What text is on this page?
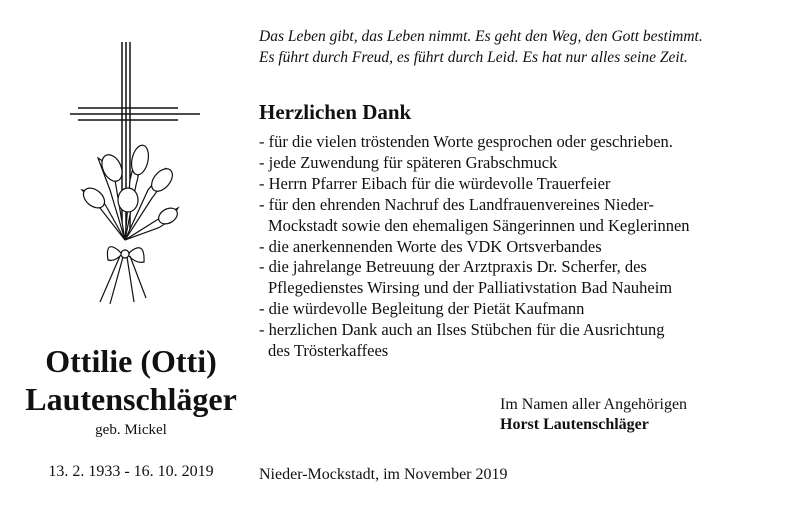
Das Leben gibt, das Leben nimmt. Es geht den Weg, den Gott bestimmt.
Es führt durch Freud, es führt durch Leid. Es hat nur alles seine Zeit.
Herzlichen Dank
- für die vielen tröstenden Worte gesprochen oder geschrieben.
- jede Zuwendung für späteren Grabschmuck
- Herrn Pfarrer Eibach für die würdevolle Trauerfeier
- für den ehrenden Nachruf des Landfrauenvereines Nieder-
Mockstadt sowie den ehemaligen Sängerinnen und Keglerinnen
- die anerkennenden Worte des VDK Ortsverbandes
- die jahrelange Betreuung der Arztpraxis Dr. Scherfer, des
Pflegedienstes Wirsing und der Palliativstation Bad Nauheim
- die würdevolle Begleitung der Pietät Kaufmann
- herzlichen Dank auch an Ilses Stübchen für die Ausrichtung
des Trösterkaffees
Ottilie (Otti)
Lautenschläger
geb. Mickel
13. 2. 1933 - 16. 10. 2019
Im Namen aller Angehörigen
Horst Lautenschläger
Nieder-Mockstadt, im November 2019
